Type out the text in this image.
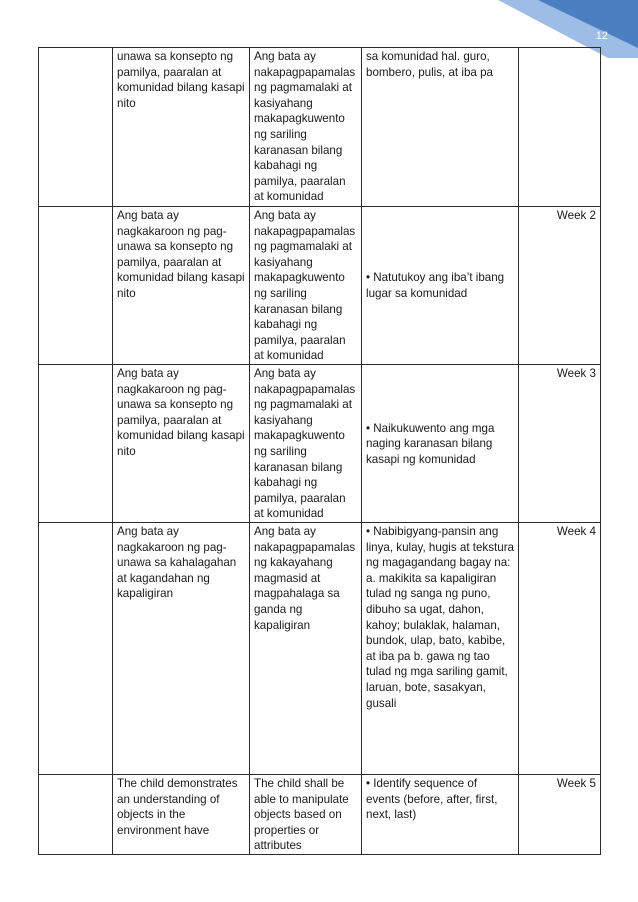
12
	unawa sa konsepto ng pamilya, paaralan at komunidad bilang kasapi nito	Ang bata ay nakapagpapamalas ng pagmamalaki at kasiyahang makapagkuwento ng sariling karanasan bilang kabahagi ng pamilya, paaralan at komunidad	sa komunidad hal. guro, bombero, pulis, at iba pa	
	Ang bata ay nagkakaroon ng pag-unawa sa konsepto ng pamilya, paaralan at komunidad bilang kasapi nito	Ang bata ay nakapagpapamalas ng pagmamalaki at kasiyahang makapagkuwento ng sariling karanasan bilang kabahagi ng pamilya, paaralan at komunidad	• Natutukoy ang iba’t ibang lugar sa komunidad	Week 2
	Ang bata ay nagkakaroon ng pag-unawa sa konsepto ng pamilya, paaralan at komunidad bilang kasapi nito	Ang bata ay nakapagpapamalas ng pagmamalaki at kasiyahang makapagkuwento ng sariling karanasan bilang kabahagi ng pamilya, paaralan at komunidad	• Naikukuwento ang mga naging karanasan bilang kasapi ng komunidad	Week 3
	Ang bata ay nagkakaroon ng pag-unawa sa kahalagahan at kagandahan ng kapaligiran	Ang bata ay nakapagpapamalas ng kakayahang magmasid at magpahalaga sa ganda ng kapaligiran	• Nabibigyang-pansin ang linya, kulay, hugis at tekstura ng magagandang bagay na: a. makikita sa kapaligiran tulad ng sanga ng puno, dibuho sa ugat, dahon, kahoy; bulaklak, halaman, bundok, ulap, bato, kabibe, at iba pa b. gawa ng tao tulad ng mga sariling gamit, laruan, bote, sasakyan, gusali	Week 4
	The child demonstrates an understanding of objects in the environment have	The child shall be able to manipulate objects based on properties or attributes	• Identify sequence of events (before, after, first, next, last)	Week 5
